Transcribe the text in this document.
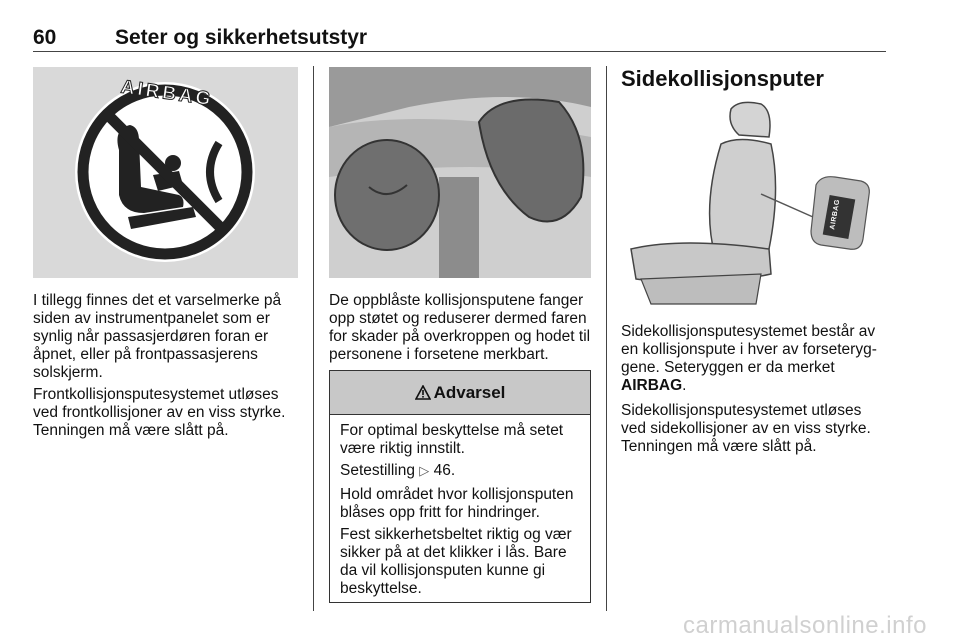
60	Seter og sikkerhetsutstyr
AIRBAG

I tillegg finnes det et varselmerke på siden av instrumentpanelet som er synlig når passasjerdøren foran er åpnet, eller på frontpassasjerens solskjerm.

Frontkollisjonsputesystemet utløses ved frontkollisjoner av en viss styrke. Tenningen må være slått på.

De oppblåste kollisjonsputene fanger opp støtet og reduserer dermed faren for skader på overkroppen og hodet til personene i forsetene merkbart.

Advarsel

For optimal beskyttelse må setet være riktig innstilt.

Setestilling ▷ 46.

Hold området hvor kollisjonsputen blåses opp fritt for hindringer.

Fest sikkerhetsbeltet riktig og vær sikker på at det klikker i lås. Bare da vil kollisjonsputen kunne gi beskyttelse.

Sidekollisjonsputer
AIRBAG

Sidekollisjonsputesystemet består av en kollisjonspute i hver av forseteryg-gene. Seteryggen er da merket AIRBAG.

Sidekollisjonsputesystemet utløses ved sidekollisjoner av en viss styrke. Tenningen må være slått på.

carmanualsonline.info
